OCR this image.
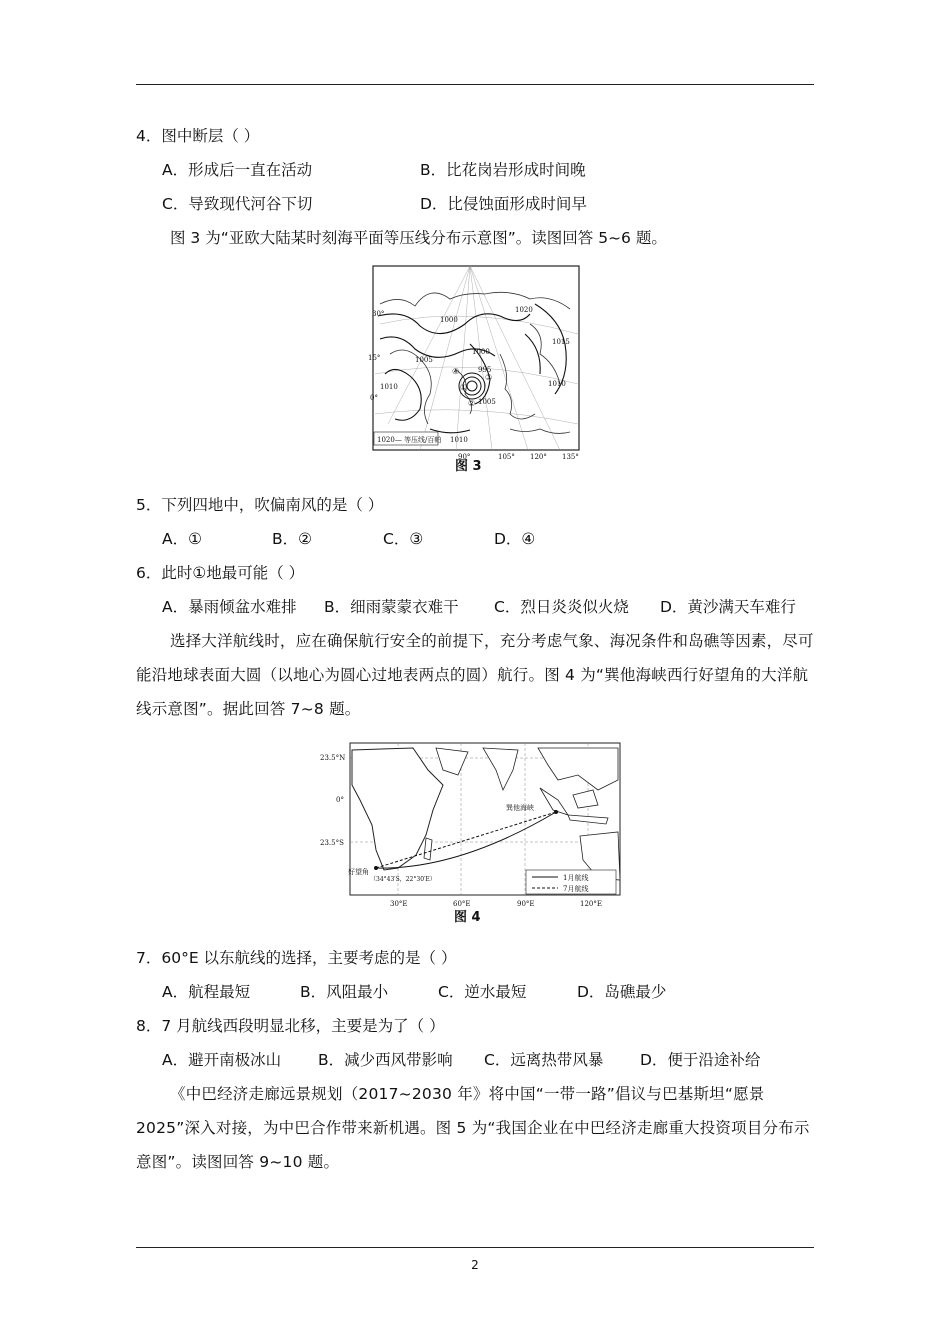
4．图中断层（ ）
A．形成后一直在活动	B．比花岗岩形成时间晚
C．导致现代河谷下切	D．比侵蚀面形成时间早
图 3 为“亚欧大陆某时刻海平面等压线分布示意图”。读图回答 5~6 题。
1000
1005
1010
995
1000
1005
1015
1010
1020
1010
30°
15°
0°
90°	105° 120° 135°
①
②
③
④
1020— 等压线/百帕
图 3
5．下列四地中，吹偏南风的是（ ）
A．①	B．②	C．③	D．④
6．此时①地最可能（ ）
A．暴雨倾盆水难排 B．细雨蒙蒙衣难干 C．烈日炎炎似火烧 D．黄沙满天车难行
选择大洋航线时，应在确保航行安全的前提下，充分考虑气象、海况条件和岛礁等因素，尽可能沿地球表面大圆（以地心为圆心过地表两点的圆）航行。图 4 为“巽他海峡西行好望角的大洋航线示意图”。据此回答 7~8 题。
23.5°N
0°
23.5°S
30°E	60°E	90°E	120°E
巽他海峡
好望角
（34°43′S，22°30′E）	1月航线
7月航线
图 4
7．60°E 以东航线的选择，主要考虑的是（ ）
A．航程最短	B．风阻最小	C．逆水最短	D．岛礁最少
8．7 月航线西段明显北移，主要是为了（ ）
A．避开南极冰山 B．减少西风带影响 C．远离热带风暴 D．便于沿途补给
《中巴经济走廊远景规划（2017~2030 年》将中国“一带一路”倡议与巴基斯坦“愿景 2025”深入对接，为中巴合作带来新机遇。图 5 为“我国企业在中巴经济走廊重大投资项目分布示意图”。读图回答 9~10 题。
2
